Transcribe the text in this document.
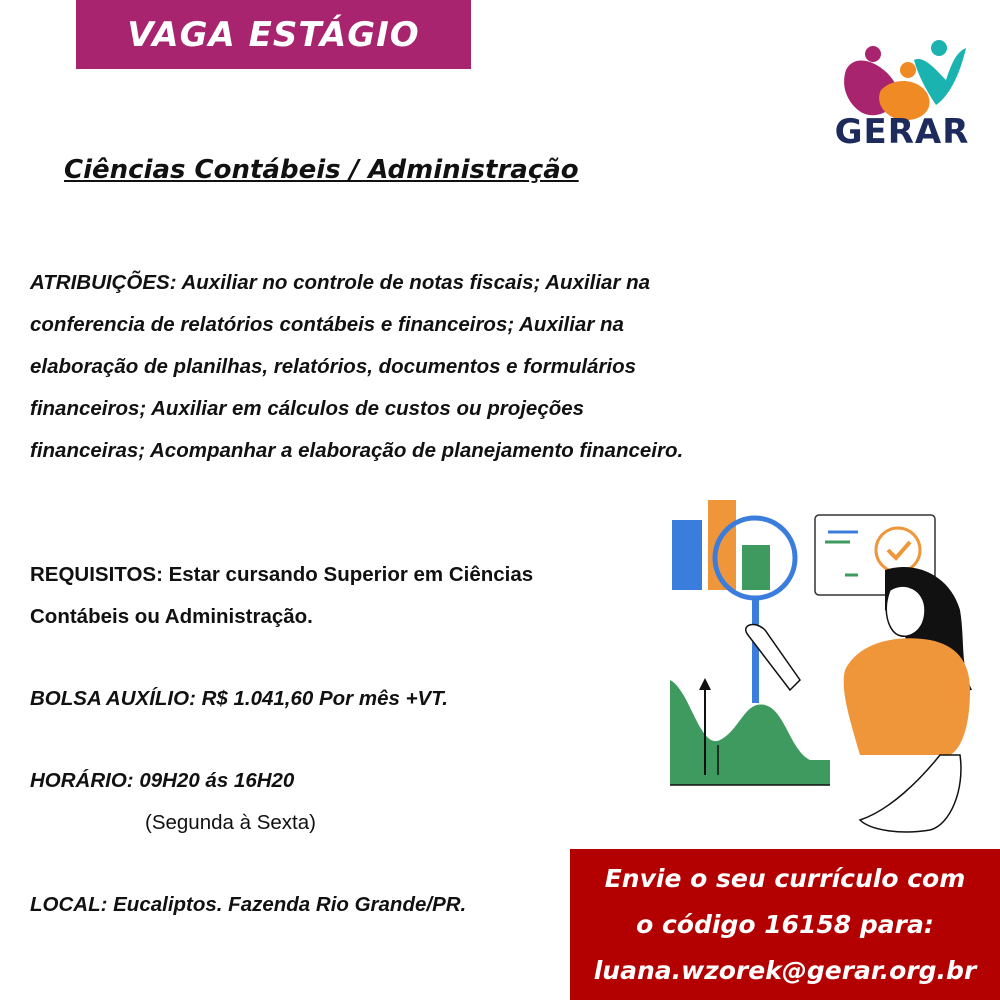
VAGA ESTÁGIO
GERAR
Ciências Contábeis / Administração
ATRIBUIÇÕES: Auxiliar no controle de notas fiscais; Auxiliar na conferencia de relatórios contábeis e financeiros; Auxiliar na elaboração de planilhas, relatórios, documentos e formulários financeiros; Auxiliar em cálculos de custos ou projeções financeiras; Acompanhar a elaboração de planejamento financeiro.
REQUISITOS: Estar cursando Superior em Ciências Contábeis ou Administração.
BOLSA AUXÍLIO: R$ 1.041,60 Por mês +VT.
HORÁRIO: 09H20 ás 16H20
(Segunda à Sexta)
LOCAL: Eucaliptos. Fazenda Rio Grande/PR.
Envie o seu currículo com
o código 16158 para:
luana.wzorek@gerar.org.br
